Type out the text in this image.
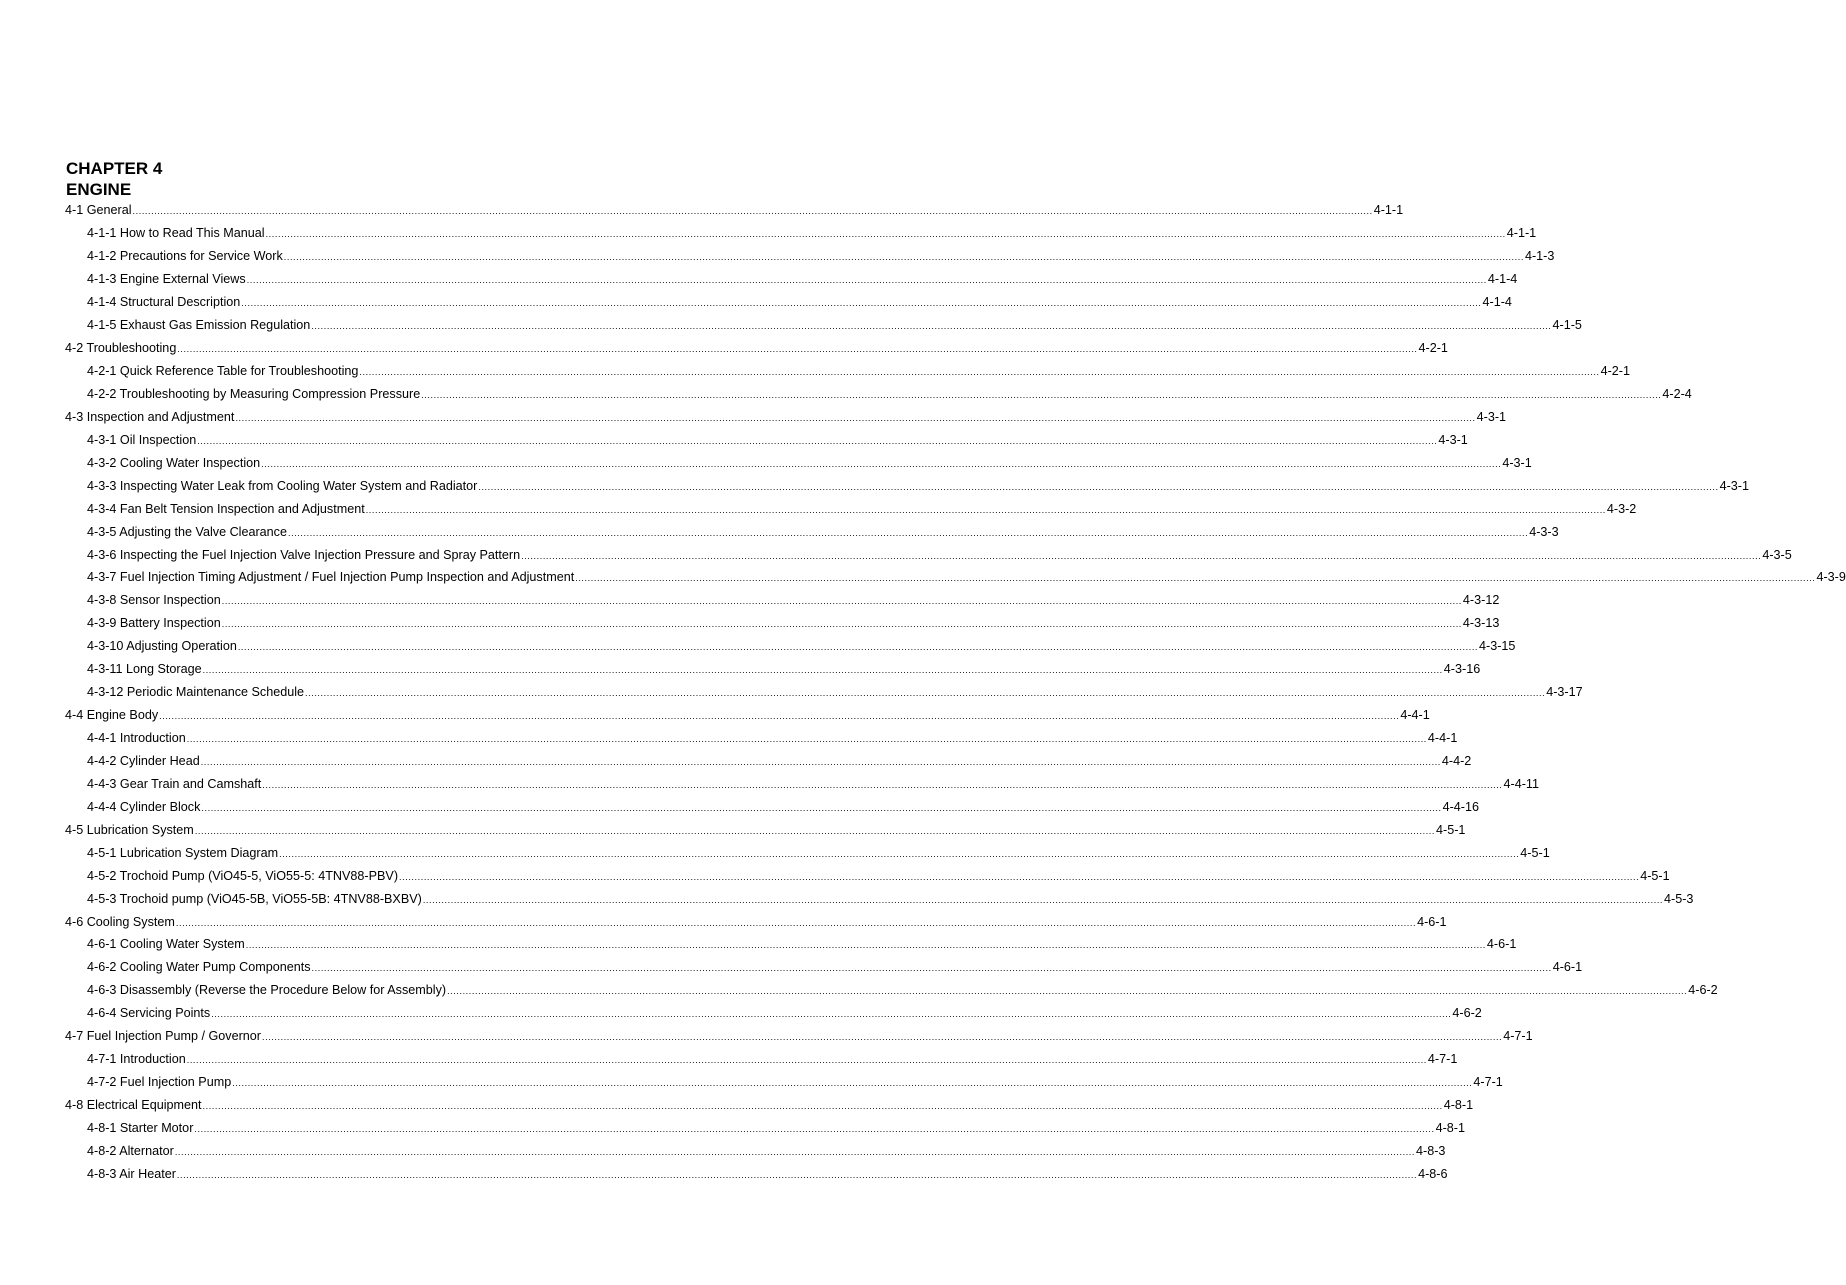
CHAPTER 4
ENGINE
4-1 General ................................................................................................................................................................................................................................................................................................................................................................................................................ 4-1-1
4-1-1 How to Read This Manual ................................................................................................................................................................................................................................................................................................................................................................................................................ 4-1-1
4-1-2 Precautions for Service Work ................................................................................................................................................................................................................................................................................................................................................................................................................ 4-1-3
4-1-3 Engine External Views ................................................................................................................................................................................................................................................................................................................................................................................................................ 4-1-4
4-1-4 Structural Description ................................................................................................................................................................................................................................................................................................................................................................................................................ 4-1-4
4-1-5 Exhaust Gas Emission Regulation ................................................................................................................................................................................................................................................................................................................................................................................................................ 4-1-5
4-2 Troubleshooting ................................................................................................................................................................................................................................................................................................................................................................................................................ 4-2-1
4-2-1 Quick Reference Table for Troubleshooting ................................................................................................................................................................................................................................................................................................................................................................................................................ 4-2-1
4-2-2 Troubleshooting by Measuring Compression Pressure ................................................................................................................................................................................................................................................................................................................................................................................................................ 4-2-4
4-3 Inspection and Adjustment ................................................................................................................................................................................................................................................................................................................................................................................................................ 4-3-1
4-3-1 Oil Inspection ................................................................................................................................................................................................................................................................................................................................................................................................................ 4-3-1
4-3-2 Cooling Water Inspection ................................................................................................................................................................................................................................................................................................................................................................................................................ 4-3-1
4-3-3 Inspecting Water Leak from Cooling Water System and Radiator ................................................................................................................................................................................................................................................................................................................................................................................................................ 4-3-1
4-3-4 Fan Belt Tension Inspection and Adjustment ................................................................................................................................................................................................................................................................................................................................................................................................................ 4-3-2
4-3-5 Adjusting the Valve Clearance ................................................................................................................................................................................................................................................................................................................................................................................................................ 4-3-3
4-3-6 Inspecting the Fuel Injection Valve Injection Pressure and Spray Pattern ................................................................................................................................................................................................................................................................................................................................................................................................................ 4-3-5
4-3-7 Fuel Injection Timing Adjustment / Fuel Injection Pump Inspection and Adjustment ................................................................................................................................................................................................................................................................................................................................................................................................................ 4-3-9
4-3-8 Sensor Inspection ................................................................................................................................................................................................................................................................................................................................................................................................................ 4-3-12
4-3-9 Battery Inspection ................................................................................................................................................................................................................................................................................................................................................................................................................ 4-3-13
4-3-10 Adjusting Operation ................................................................................................................................................................................................................................................................................................................................................................................................................ 4-3-15
4-3-11 Long Storage ................................................................................................................................................................................................................................................................................................................................................................................................................ 4-3-16
4-3-12 Periodic Maintenance Schedule ................................................................................................................................................................................................................................................................................................................................................................................................................ 4-3-17
4-4 Engine Body ................................................................................................................................................................................................................................................................................................................................................................................................................ 4-4-1
4-4-1 Introduction ................................................................................................................................................................................................................................................................................................................................................................................................................ 4-4-1
4-4-2 Cylinder Head ................................................................................................................................................................................................................................................................................................................................................................................................................ 4-4-2
4-4-3 Gear Train and Camshaft ................................................................................................................................................................................................................................................................................................................................................................................................................ 4-4-11
4-4-4 Cylinder Block ................................................................................................................................................................................................................................................................................................................................................................................................................ 4-4-16
4-5 Lubrication System ................................................................................................................................................................................................................................................................................................................................................................................................................ 4-5-1
4-5-1 Lubrication System Diagram ................................................................................................................................................................................................................................................................................................................................................................................................................ 4-5-1
4-5-2 Trochoid Pump (ViO45-5, ViO55-5: 4TNV88-PBV) ................................................................................................................................................................................................................................................................................................................................................................................................................ 4-5-1
4-5-3 Trochoid pump (ViO45-5B, ViO55-5B: 4TNV88-BXBV) ................................................................................................................................................................................................................................................................................................................................................................................................................ 4-5-3
4-6 Cooling System ................................................................................................................................................................................................................................................................................................................................................................................................................ 4-6-1
4-6-1 Cooling Water System ................................................................................................................................................................................................................................................................................................................................................................................................................ 4-6-1
4-6-2 Cooling Water Pump Components ................................................................................................................................................................................................................................................................................................................................................................................................................ 4-6-1
4-6-3 Disassembly (Reverse the Procedure Below for Assembly) ................................................................................................................................................................................................................................................................................................................................................................................................................ 4-6-2
4-6-4 Servicing Points ................................................................................................................................................................................................................................................................................................................................................................................................................ 4-6-2
4-7 Fuel Injection Pump / Governor ................................................................................................................................................................................................................................................................................................................................................................................................................ 4-7-1
4-7-1 Introduction ................................................................................................................................................................................................................................................................................................................................................................................................................ 4-7-1
4-7-2 Fuel Injection Pump ................................................................................................................................................................................................................................................................................................................................................................................................................ 4-7-1
4-8 Electrical Equipment ................................................................................................................................................................................................................................................................................................................................................................................................................ 4-8-1
4-8-1 Starter Motor ................................................................................................................................................................................................................................................................................................................................................................................................................ 4-8-1
4-8-2 Alternator ................................................................................................................................................................................................................................................................................................................................................................................................................ 4-8-3
4-8-3 Air Heater ................................................................................................................................................................................................................................................................................................................................................................................................................ 4-8-6
